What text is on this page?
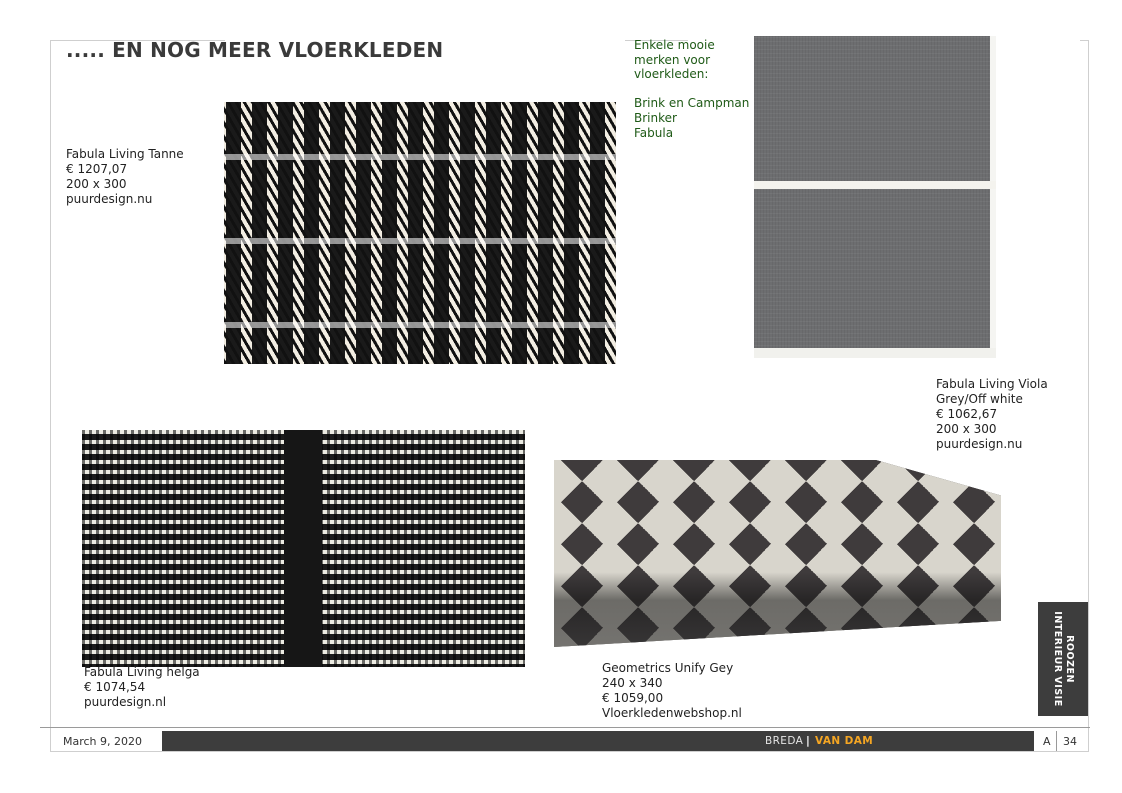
..... EN NOG MEER VLOERKLEDEN	Enkele mooie
merken voor
vloerkleden:
Brink en Campman
Brinker
Fabula
Fabula Living Tanne
€ 1207,07
200 x 300
puurdesign.nu
Fabula Living Viola
Grey/Off white
€ 1062,67
200 x 300
puurdesign.nu
Fabula Living helga
€ 1074,54
puurdesign.nl
Geometrics Unify Gey
240 x 340
€ 1059,00
Vloerkledenwebshop.nl
ROOZEN
INTERIEUR VISIE
March 9, 2020	BREDA | VAN DAM	A 34
